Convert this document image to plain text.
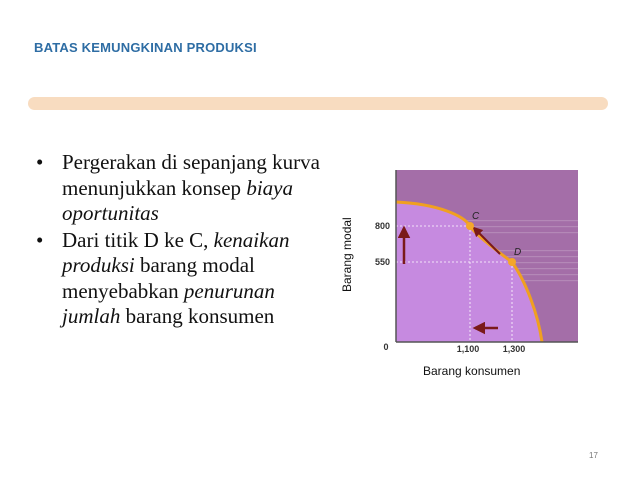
BATAS KEMUNGKINAN PRODUKSI
• Pergerakan di sepanjang kurva menunjukkan konsep biaya oportunitas
• Dari titik D ke C, kenaikan produksi barang modal menyebabkan penurunan jumlah barang konsumen
C
D
800
550
1,100	1,300
0
Barang modal
Barang konsumen
17
